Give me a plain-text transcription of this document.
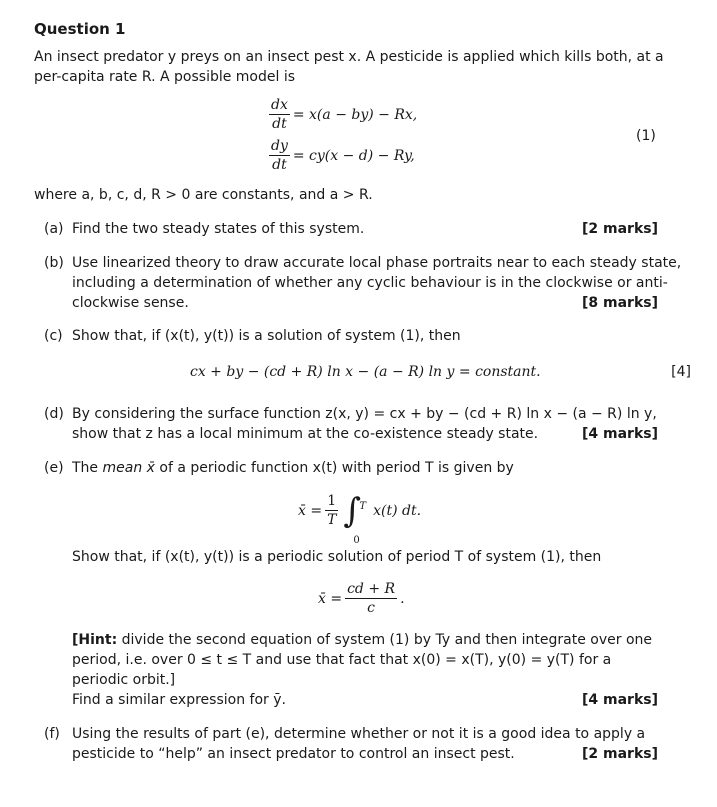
Question 1
An insect predator y preys on an insect pest x. A pesticide is applied which kills both, at a
per-capita rate R. A possible model is
$\frac{dx}{dt} = x(a - by) - Rx$,
$\frac{dy}{dt} = cy(x - d) - Ry$,
(1)
where a, b, c, d, R > 0 are constants, and a > R.
(a) Find the two steady states of this system.	[2 marks]
(b) Use linearized theory to draw accurate local phase portraits near to each steady state,
including a determination of whether any cyclic behaviour is in the clockwise or anti-
clockwise sense.	[8 marks]
(c) Show that, if (x(t), y(t)) is a solution of system (1), then
cx + by − (cd + R) ln x − (a − R) ln y = constant.	[4]
(d) By considering the surface function z(x, y) = cx + by − (cd + R) ln x − (a − R) ln y,
show that z has a local minimum at the co-existence steady state.	[4 marks]
(e) The mean x̄ of a periodic function x(t) with period T is given by
x̄ = $\frac{1}{T}$ ∫
T
0
x(t) dt.
Show that, if (x(t), y(t)) is a periodic solution of period T of system (1), then
x̄ = $\frac{cd + R}{c}$ .
[Hint: divide the second equation of system (1) by Ty and then integrate over one
period, i.e. over 0 ≤ t ≤ T and use that fact that x(0) = x(T), y(0) = y(T) for a
periodic orbit.]
Find a similar expression for ȳ.	[4 marks]
(f) Using the results of part (e), determine whether or not it is a good idea to apply a
pesticide to “help” an insect predator to control an insect pest.	[2 marks]
